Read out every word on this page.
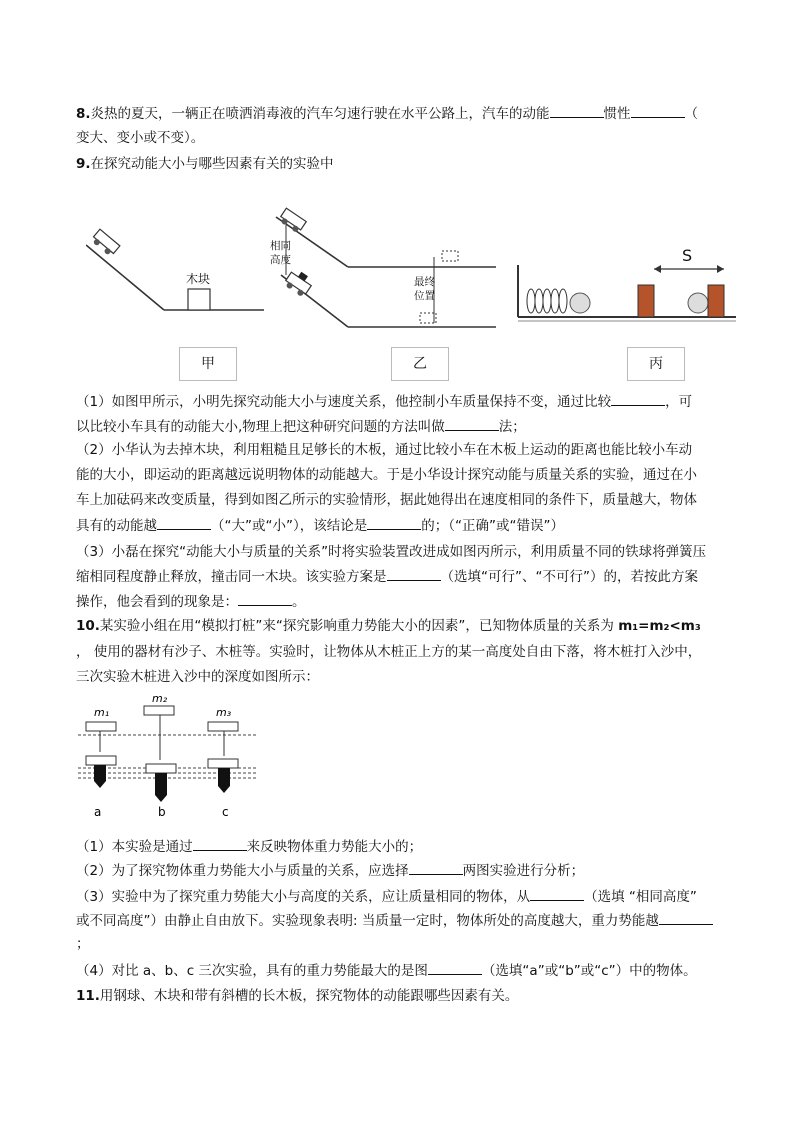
8.炎热的夏天，一辆正在喷洒消毒液的汽车匀速行驶在水平公路上，汽车的动能	惯性	（
变大、变小或不变）。
9.在探究动能大小与哪些因素有关的实验中
木块
相同
高度
最终
位置
S
甲	乙	丙
（1）如图甲所示，小明先探究动能大小与速度关系，他控制小车质量保持不变，通过比较	，可
以比较小车具有的动能大小,物理上把这种研究问题的方法叫做	法；
（2）小华认为去掉木块，利用粗糙且足够长的木板，通过比较小车在木板上运动的距离也能比较小车动
能的大小，即运动的距离越远说明物体的动能越大。于是小华设计探究动能与质量关系的实验，通过在小
车上加砝码来改变质量，得到如图乙所示的实验情形，据此她得出在速度相同的条件下，质量越大，物体
具有的动能越	（“大”或“小”），该结论是	的；（“正确”或“错误”）
（3）小磊在探究“动能大小与质量的关系”时将实验装置改进成如图丙所示，利用质量不同的铁球将弹簧压
缩相同程度静止释放，撞击同一木块。该实验方案是	（选填“可行”、“不可行”）的，若按此方案
操作，他会看到的现象是：	。
10.某实验小组在用“模拟打桩”来“探究影响重力势能大小的因素”，已知物体质量的关系为 m₁=m₂<m₃
， 使用的器材有沙子、木桩等。实验时，让物体从木桩正上方的某一高度处自由下落，将木桩打入沙中，
三次实验木桩进入沙中的深度如图所示：
m₁
a
m₂
b
m₃
c
（1）本实验是通过	来反映物体重力势能大小的；
（2）为了探究物体重力势能大小与质量的关系，应选择	两图实验进行分析；
（3）实验中为了探究重力势能大小与高度的关系，应让质量相同的物体，从	（选填 “相同高度”
或不同高度”）由静止自由放下。实验现象表明: 当质量一定时，物体所处的高度越大，重力势能越
；
（4）对比 a、b、c 三次实验，具有的重力势能最大的是图	（选填“a”或“b”或“c”）中的物体。
11.用钢球、木块和带有斜槽的长木板，探究物体的动能跟哪些因素有关。
